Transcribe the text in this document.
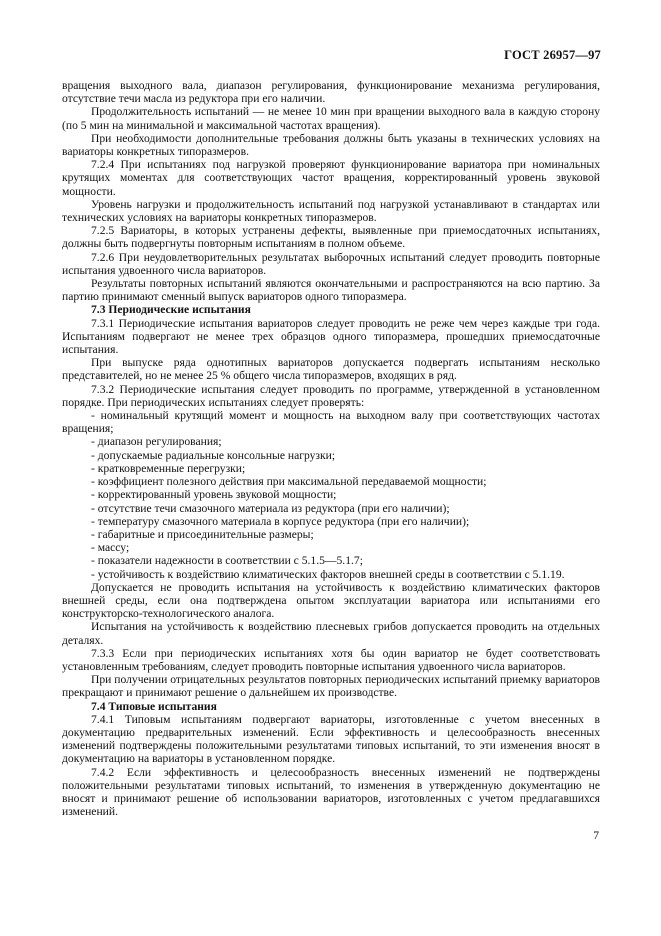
ГОСТ 26957—97

вращения выходного вала, диапазон регулирования, функционирование механизма регулирования, отсутствие течи масла из редуктора при его наличии.

Продолжительность испытаний — не менее 10 мин при вращении выходного вала в каждую сторону (по 5 мин на минимальной и максимальной частотах вращения).

При необходимости дополнительные требования должны быть указаны в технических условиях на вариаторы конкретных типоразмеров.

7.2.4 При испытаниях под нагрузкой проверяют функционирование вариатора при номинальных крутящих моментах для соответствующих частот вращения, корректированный уровень звуковой мощности.

Уровень нагрузки и продолжительность испытаний под нагрузкой устанавливают в стандартах или технических условиях на вариаторы конкретных типоразмеров.

7.2.5 Вариаторы, в которых устранены дефекты, выявленные при приемосдаточных испытаниях, должны быть подвергнуты повторным испытаниям в полном объеме.

7.2.6 При неудовлетворительных результатах выборочных испытаний следует проводить повторные испытания удвоенного числа вариаторов.

Результаты повторных испытаний являются окончательными и распространяются на всю партию. За партию принимают сменный выпуск вариаторов одного типоразмера.

7.3 Периодические испытания

7.3.1 Периодические испытания вариаторов следует проводить не реже чем через каждые три года. Испытаниям подвергают не менее трех образцов одного типоразмера, прошедших приемосдаточные испытания.

При выпуске ряда однотипных вариаторов допускается подвергать испытаниям несколько представителей, но не менее 25 % общего числа типоразмеров, входящих в ряд.

7.3.2 Периодические испытания следует проводить по программе, утвержденной в установленном порядке. При периодических испытаниях следует проверять:

- номинальный крутящий момент и мощность на выходном валу при соответствующих частотах вращения;

- диапазон регулирования;

- допускаемые радиальные консольные нагрузки;

- кратковременные перегрузки;

- коэффициент полезного действия при максимальной передаваемой мощности;

- корректированный уровень звуковой мощности;

- отсутствие течи смазочного материала из редуктора (при его наличии);

- температуру смазочного материала в корпусе редуктора (при его наличии);

- габаритные и присоединительные размеры;

- массу;

- показатели надежности в соответствии с 5.1.5—5.1.7;

- устойчивость к воздействию климатических факторов внешней среды в соответствии с 5.1.19.

Допускается не проводить испытания на устойчивость к воздействию климатических факторов внешней среды, если она подтверждена опытом эксплуатации вариатора или испытаниями его конструкторско-технологического аналога.

Испытания на устойчивость к воздействию плесневых грибов допускается проводить на отдельных деталях.

7.3.3 Если при периодических испытаниях хотя бы один вариатор не будет соответствовать установленным требованиям, следует проводить повторные испытания удвоенного числа вариаторов.

При получении отрицательных результатов повторных периодических испытаний приемку вариаторов прекращают и принимают решение о дальнейшем их производстве.

7.4 Типовые испытания

7.4.1 Типовым испытаниям подвергают вариаторы, изготовленные с учетом внесенных в документацию предварительных изменений. Если эффективность и целесообразность внесенных изменений подтверждены положительными результатами типовых испытаний, то эти изменения вносят в документацию на вариаторы в установленном порядке.

7.4.2 Если эффективность и целесообразность внесенных изменений не подтверждены положительными результатами типовых испытаний, то изменения в утвержденную документацию не вносят и принимают решение об использовании вариаторов, изготовленных с учетом предлагавшихся изменений.

7
